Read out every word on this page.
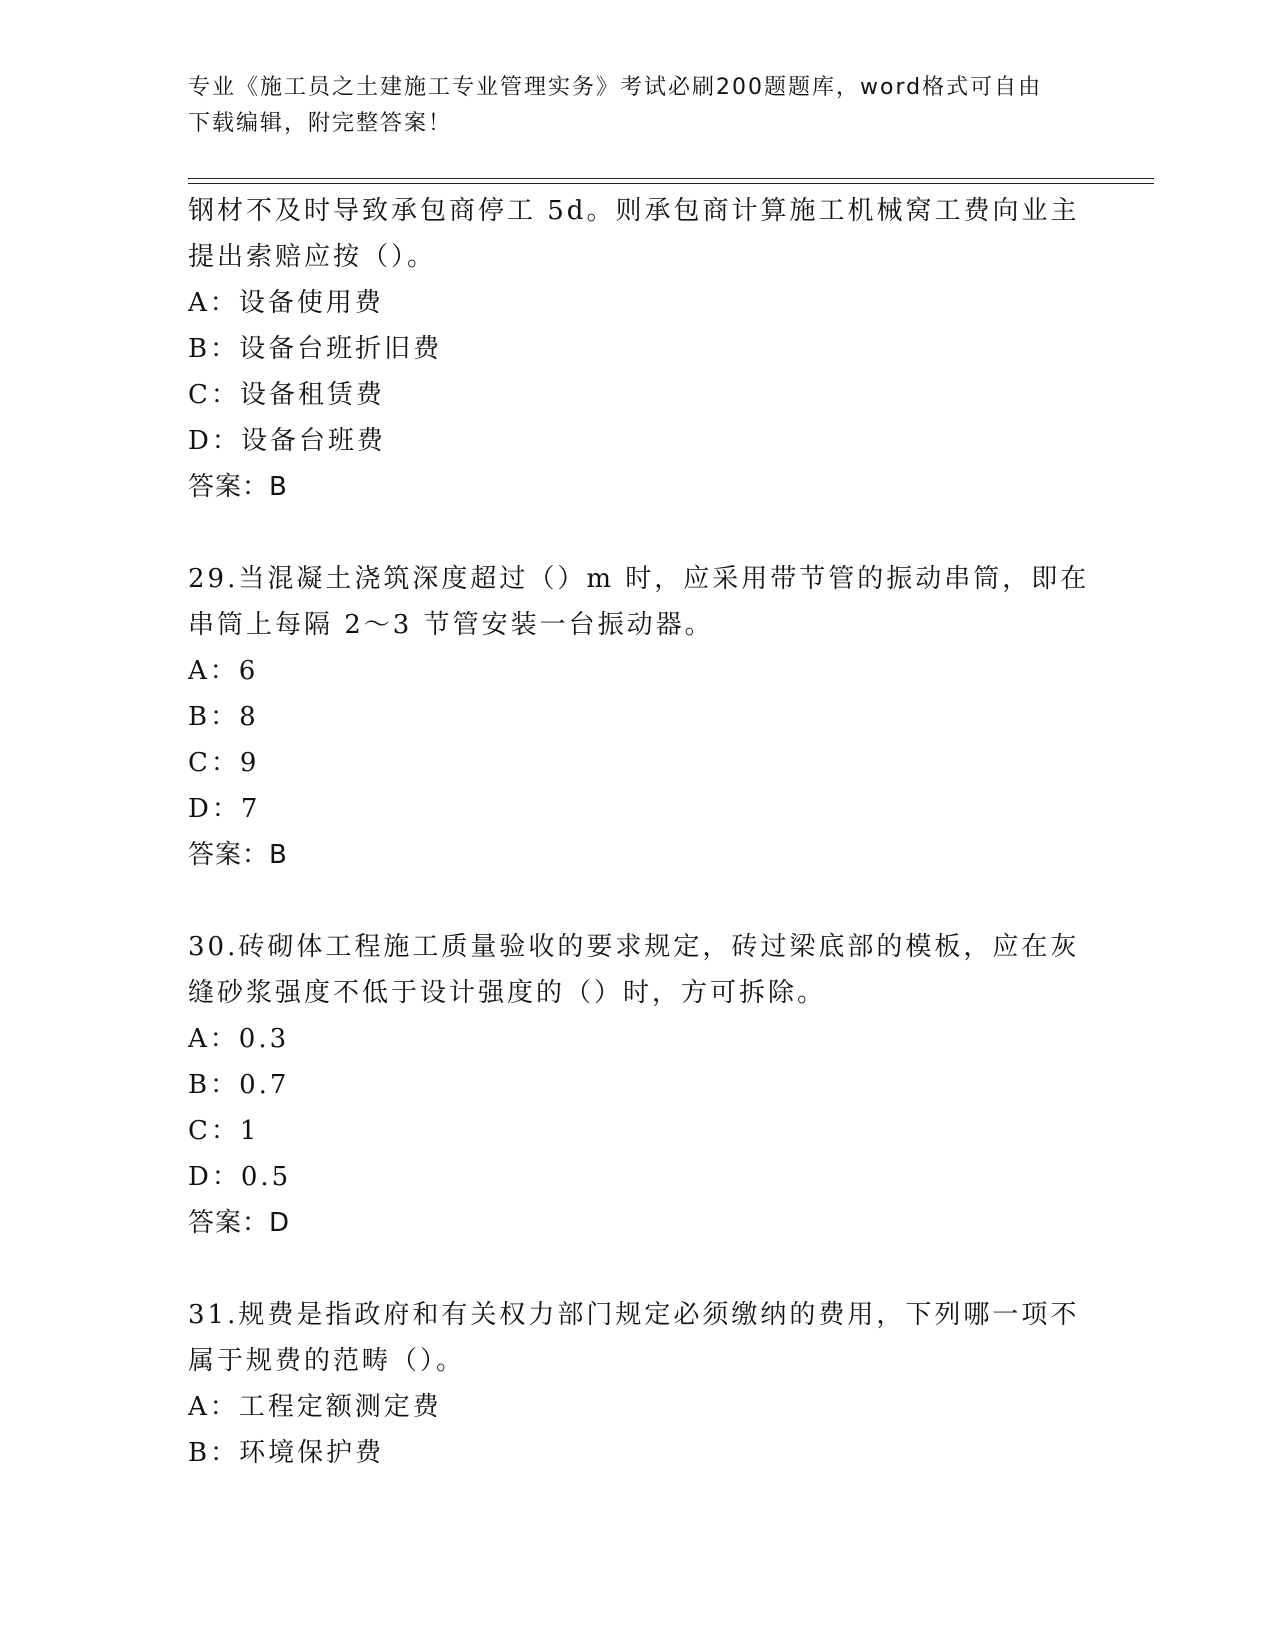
专业《施工员之土建施工专业管理实务》考试必刷200题题库，word格式可自由
下载编辑，附完整答案！
钢材不及时导致承包商停工 5d。则承包商计算施工机械窝工费向业主
提出索赔应按（）。
A：设备使用费
B：设备台班折旧费
C：设备租赁费
D：设备台班费
答案：B
29.当混凝土浇筑深度超过（）m 时，应采用带节管的振动串筒，即在
串筒上每隔 2～3 节管安装一台振动器。
A：6
B：8
C：9
D：7
答案：B
30.砖砌体工程施工质量验收的要求规定，砖过梁底部的模板，应在灰
缝砂浆强度不低于设计强度的（）时，方可拆除。
A：0.3
B：0.7
C：1
D：0.5
答案：D
31.规费是指政府和有关权力部门规定必须缴纳的费用，下列哪一项不
属于规费的范畴（）。
A：工程定额测定费
B：环境保护费
